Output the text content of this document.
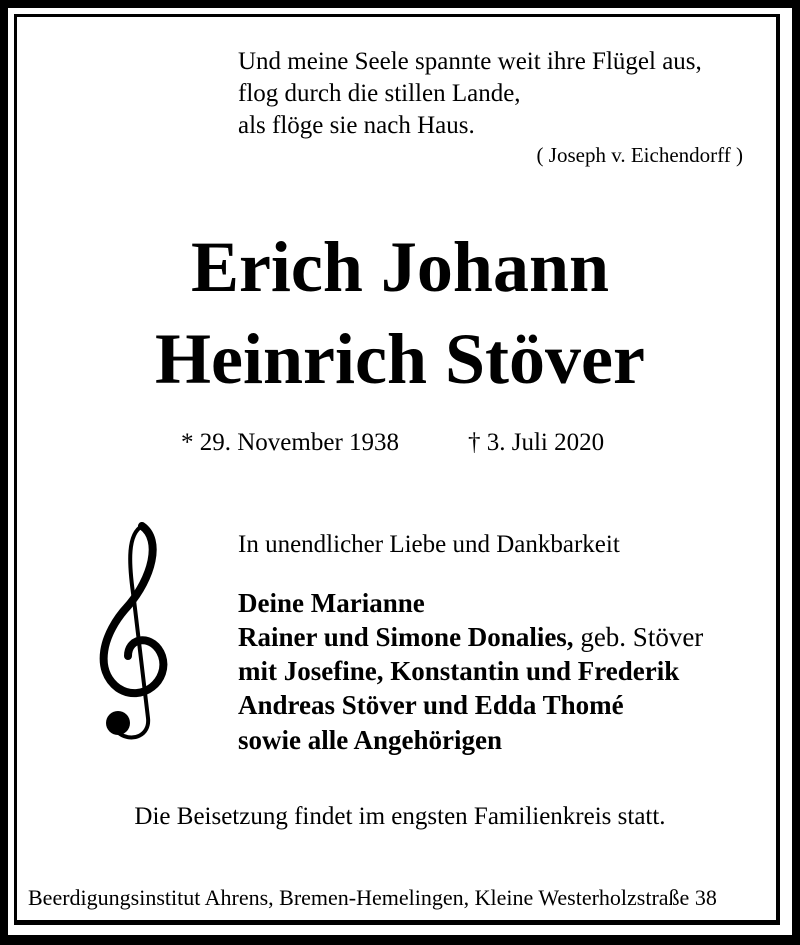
Und meine Seele spannte weit ihre Flügel aus,
flog durch die stillen Lande,
als flöge sie nach Haus.
( Joseph v. Eichendorff )
Erich Johann
Heinrich Stöver
* 29. November 1938	† 3. Juli 2020
In unendlicher Liebe und Dankbarkeit
Deine Marianne
Rainer und Simone Donalies, geb. Stöver
mit Josefine, Konstantin und Frederik
Andreas Stöver und Edda Thomé
sowie alle Angehörigen
Die Beisetzung findet im engsten Familienkreis statt.
Beerdigungsinstitut Ahrens, Bremen-Hemelingen, Kleine Westerholzstraße 38
